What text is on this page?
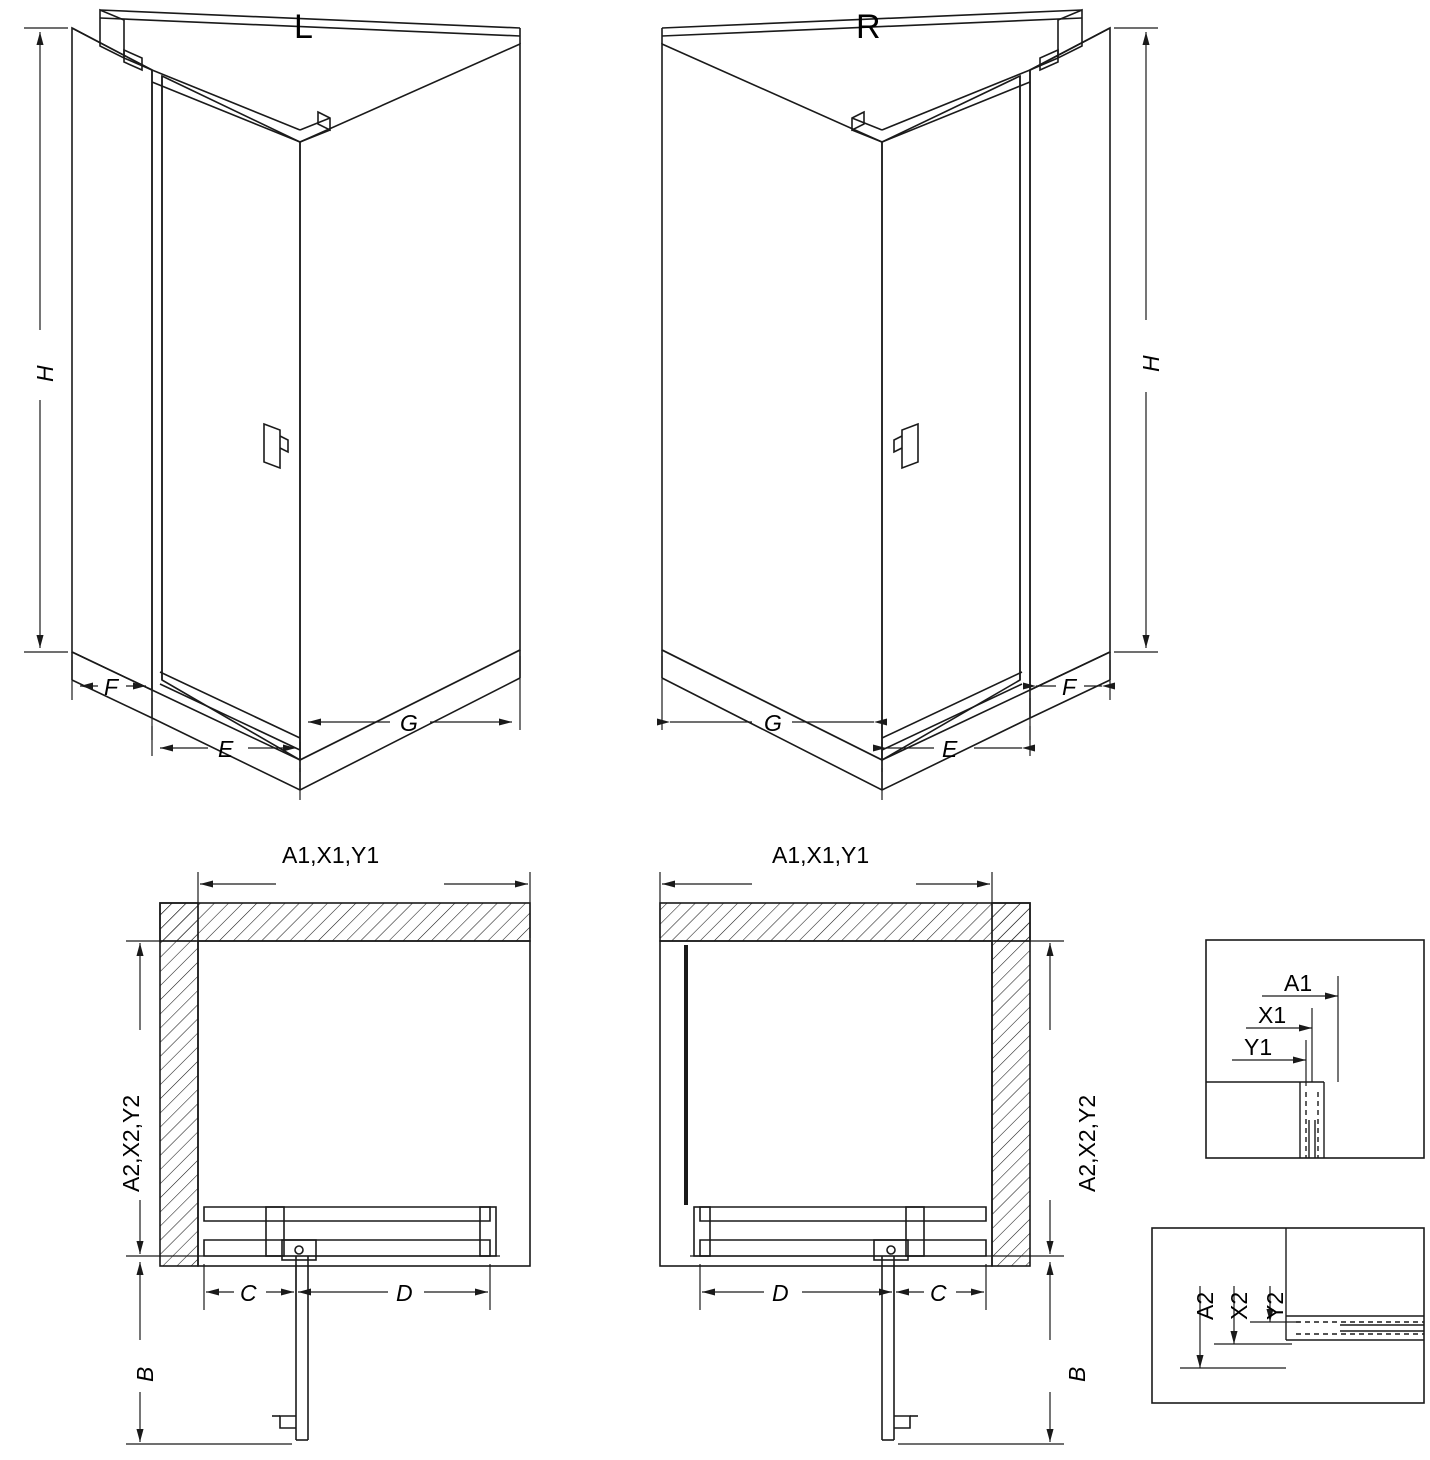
L	R
H
H
F
E
G	G
E
F
A1,X1,Y1
A2,X2,Y2
C	D
B
A1,X1,Y1
A2,X2,Y2
D	C
B
A1
X1
Y1
A2 X2 Y2
